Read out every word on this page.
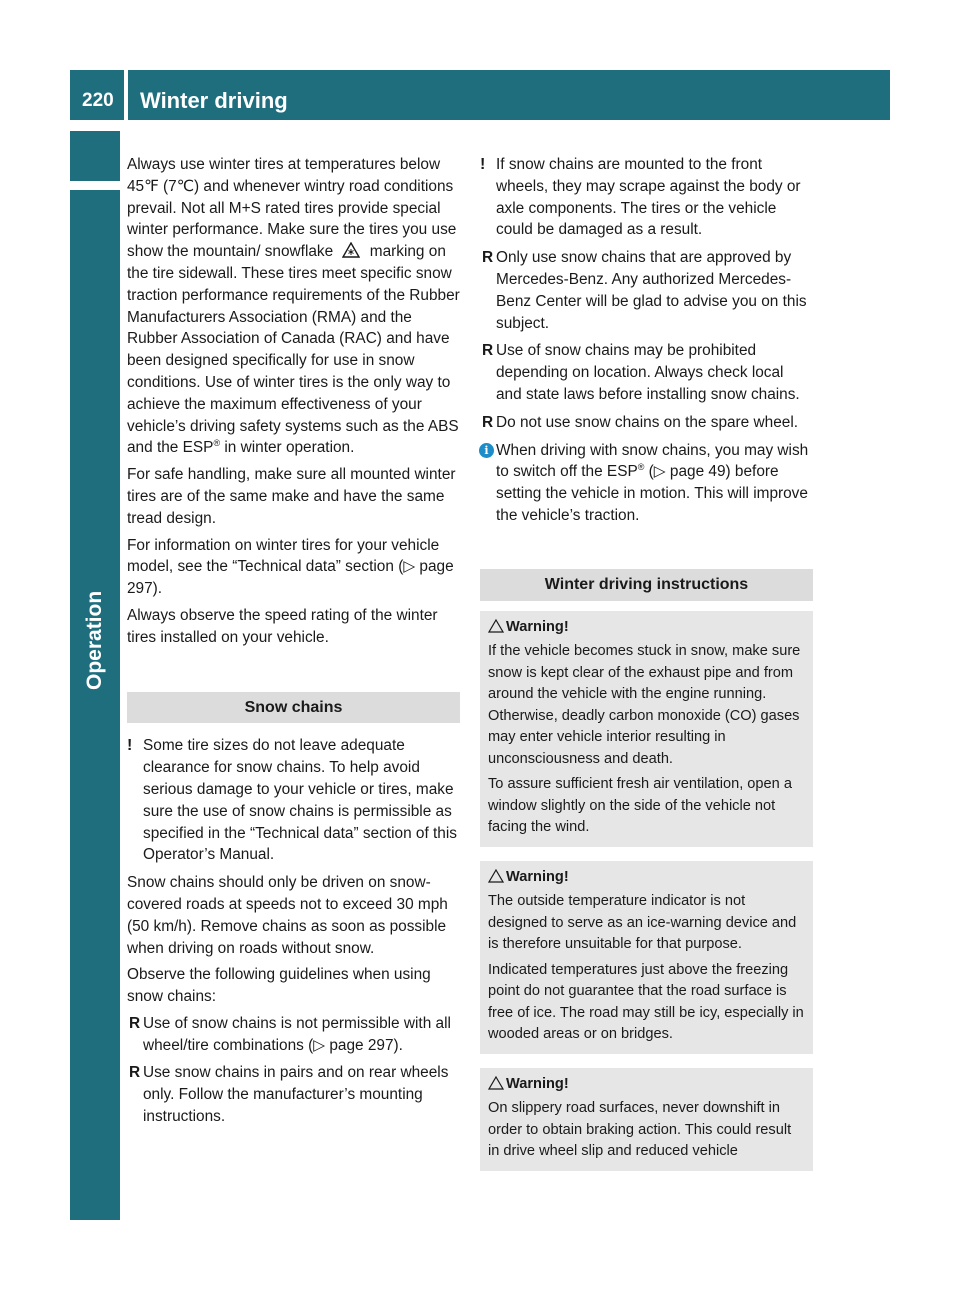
220	Winter driving
Operation

Always use winter tires at temperatures below 45℉ (7℃) and whenever wintry road conditions prevail. Not all M+S rated tires provide special winter performance. Make sure the tires you use show the mountain/ snowflake marking on the tire sidewall. These tires meet specific snow traction performance requirements of the Rubber Manufacturers Association (RMA) and the Rubber Association of Canada (RAC) and have been designed specifically for use in snow conditions. Use of winter tires is the only way to achieve the maximum effectiveness of your vehicle’s driving safety systems such as the ABS and the ESP® in winter operation.

For safe handling, make sure all mounted winter tires are of the same make and have the same tread design.

For information on winter tires for your vehicle model, see the “Technical data” section (▷ page 297).

Always observe the speed rating of the winter tires installed on your vehicle.

Snow chains
! Some tire sizes do not leave adequate clearance for snow chains. To help avoid serious damage to your vehicle or tires, make sure the use of snow chains is permissible as specified in the “Technical data” section of this Operator’s Manual.

Snow chains should only be driven on snow-covered roads at speeds not to exceed 30 mph (50 km/h). Remove chains as soon as possible when driving on roads without snow.

Observe the following guidelines when using snow chains:

R Use of snow chains is not permissible with all wheel/tire combinations (▷ page 297).
R Use snow chains in pairs and on rear wheels only. Follow the manufacturer’s mounting instructions.
! If snow chains are mounted to the front wheels, they may scrape against the body or axle components. The tires or the vehicle could be damaged as a result.
R Only use snow chains that are approved by Mercedes-Benz. Any authorized Mercedes-Benz Center will be glad to advise you on this subject.
R Use of snow chains may be prohibited depending on location. Always check local and state laws before installing snow chains.
R Do not use snow chains on the spare wheel.
i When driving with snow chains, you may wish to switch off the ESP® (▷ page 49) before setting the vehicle in motion. This will improve the vehicle’s traction.
Winter driving instructions
Warning!

If the vehicle becomes stuck in snow, make sure snow is kept clear of the exhaust pipe and from around the vehicle with the engine running. Otherwise, deadly carbon monoxide (CO) gases may enter vehicle interior resulting in unconsciousness and death.

To assure sufficient fresh air ventilation, open a window slightly on the side of the vehicle not facing the wind.

Warning!

The outside temperature indicator is not designed to serve as an ice-warning device and is therefore unsuitable for that purpose.

Indicated temperatures just above the freezing point do not guarantee that the road surface is free of ice. The road may still be icy, especially in wooded areas or on bridges.

Warning!

On slippery road surfaces, never downshift in order to obtain braking action. This could result in drive wheel slip and reduced vehicle
